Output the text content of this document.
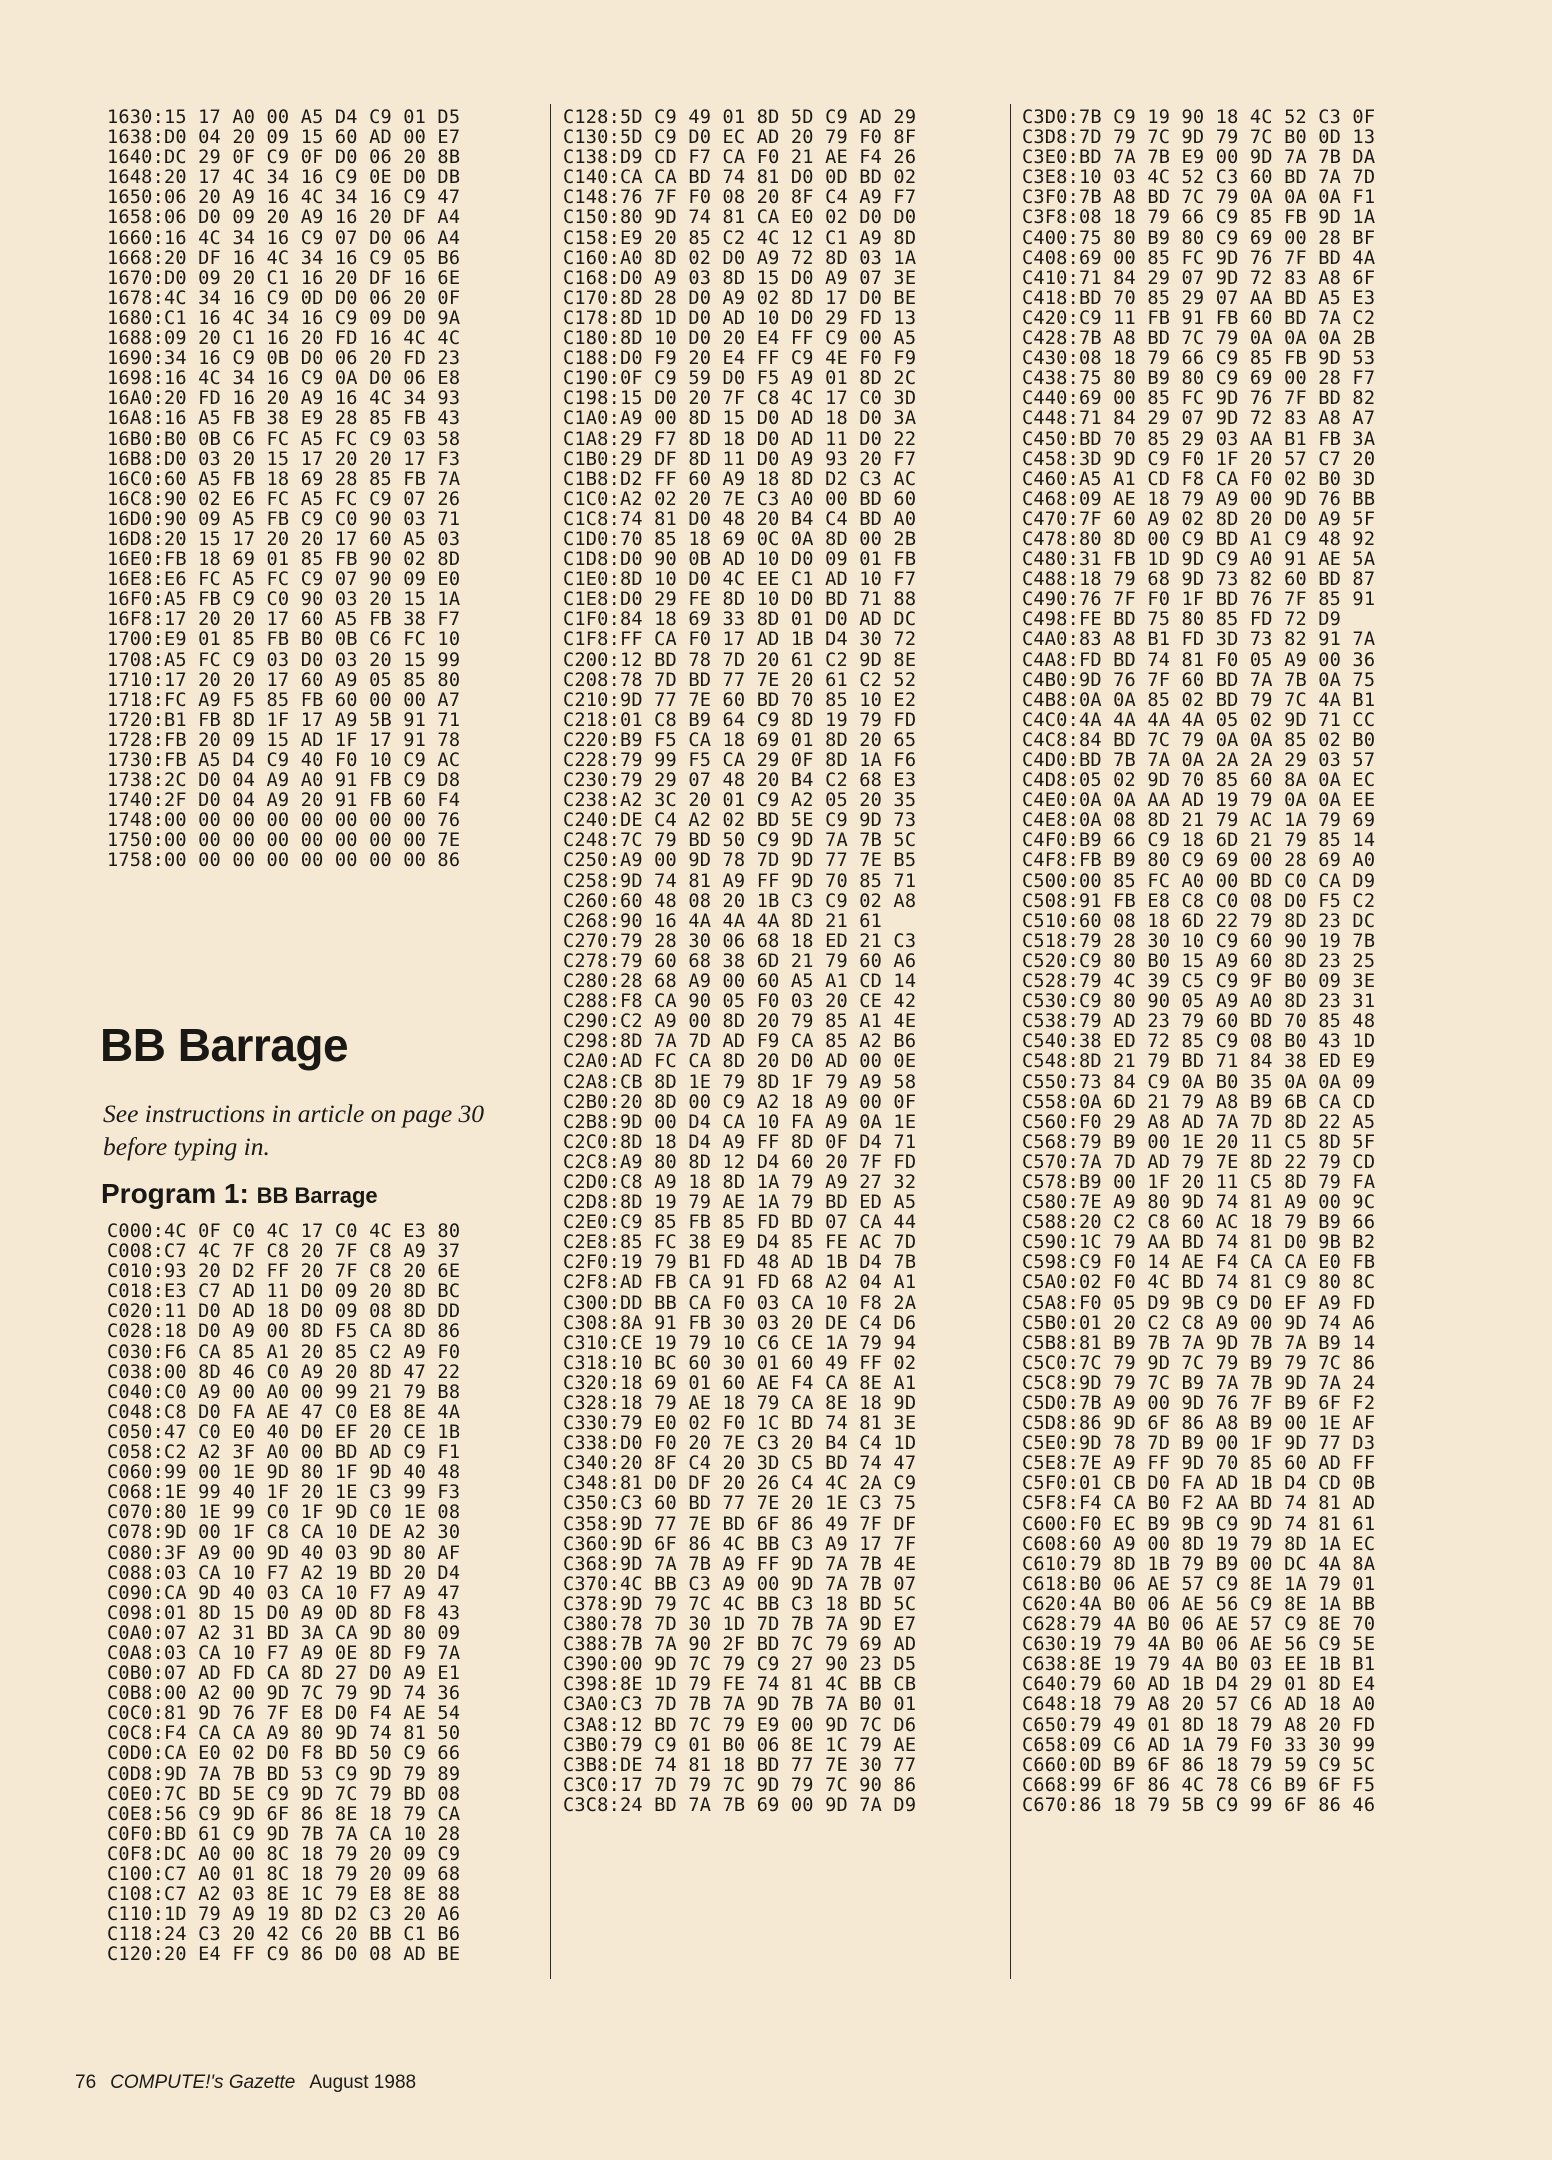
1630:15 17 A0 00 A5 D4 C9 01 D5
1638:D0 04 20 09 15 60 AD 00 E7
1640:DC 29 0F C9 0F D0 06 20 8B
1648:20 17 4C 34 16 C9 0E D0 DB
1650:06 20 A9 16 4C 34 16 C9 47
1658:06 D0 09 20 A9 16 20 DF A4
1660:16 4C 34 16 C9 07 D0 06 A4
1668:20 DF 16 4C 34 16 C9 05 B6
1670:D0 09 20 C1 16 20 DF 16 6E
1678:4C 34 16 C9 0D D0 06 20 0F
1680:C1 16 4C 34 16 C9 09 D0 9A
1688:09 20 C1 16 20 FD 16 4C 4C
1690:34 16 C9 0B D0 06 20 FD 23
1698:16 4C 34 16 C9 0A D0 06 E8
16A0:20 FD 16 20 A9 16 4C 34 93
16A8:16 A5 FB 38 E9 28 85 FB 43
16B0:B0 0B C6 FC A5 FC C9 03 58
16B8:D0 03 20 15 17 20 20 17 F3
16C0:60 A5 FB 18 69 28 85 FB 7A
16C8:90 02 E6 FC A5 FC C9 07 26
16D0:90 09 A5 FB C9 C0 90 03 71
16D8:20 15 17 20 20 17 60 A5 03
16E0:FB 18 69 01 85 FB 90 02 8D
16E8:E6 FC A5 FC C9 07 90 09 E0
16F0:A5 FB C9 C0 90 03 20 15 1A
16F8:17 20 20 17 60 A5 FB 38 F7
1700:E9 01 85 FB B0 0B C6 FC 10
1708:A5 FC C9 03 D0 03 20 15 99
1710:17 20 20 17 60 A9 05 85 80
1718:FC A9 F5 85 FB 60 00 00 A7
1720:B1 FB 8D 1F 17 A9 5B 91 71
1728:FB 20 09 15 AD 1F 17 91 78
1730:FB A5 D4 C9 40 F0 10 C9 AC
1738:2C D0 04 A9 A0 91 FB C9 D8
1740:2F D0 04 A9 20 91 FB 60 F4
1748:00 00 00 00 00 00 00 00 76
1750:00 00 00 00 00 00 00 00 7E
1758:00 00 00 00 00 00 00 00 86
BB Barrage
See instructions in article on page 30 before typing in.
Program 1: BB Barrage
C000:4C 0F C0 4C 17 C0 4C E3 80
C008:C7 4C 7F C8 20 7F C8 A9 37
C010:93 20 D2 FF 20 7F C8 20 6E
C018:E3 C7 AD 11 D0 09 20 8D BC
C020:11 D0 AD 18 D0 09 08 8D DD
C028:18 D0 A9 00 8D F5 CA 8D 86
C030:F6 CA 85 A1 20 85 C2 A9 F0
C038:00 8D 46 C0 A9 20 8D 47 22
C040:C0 A9 00 A0 00 99 21 79 B8
C048:C8 D0 FA AE 47 C0 E8 8E 4A
C050:47 C0 E0 40 D0 EF 20 CE 1B
C058:C2 A2 3F A0 00 BD AD C9 F1
C060:99 00 1E 9D 80 1F 9D 40 48
C068:1E 99 40 1F 20 1E C3 99 F3
C070:80 1E 99 C0 1F 9D C0 1E 08
C078:9D 00 1F C8 CA 10 DE A2 30
C080:3F A9 00 9D 40 03 9D 80 AF
C088:03 CA 10 F7 A2 19 BD 20 D4
C090:CA 9D 40 03 CA 10 F7 A9 47
C098:01 8D 15 D0 A9 0D 8D F8 43
C0A0:07 A2 31 BD 3A CA 9D 80 09
C0A8:03 CA 10 F7 A9 0E 8D F9 7A
C0B0:07 AD FD CA 8D 27 D0 A9 E1
C0B8:00 A2 00 9D 7C 79 9D 74 36
C0C0:81 9D 76 7F E8 D0 F4 AE 54
C0C8:F4 CA CA A9 80 9D 74 81 50
C0D0:CA E0 02 D0 F8 BD 50 C9 66
C0D8:9D 7A 7B BD 53 C9 9D 79 89
C0E0:7C BD 5E C9 9D 7C 79 BD 08
C0E8:56 C9 9D 6F 86 8E 18 79 CA
C0F0:BD 61 C9 9D 7B 7A CA 10 28
C0F8:DC A0 00 8C 18 79 20 09 C9
C100:C7 A0 01 8C 18 79 20 09 68
C108:C7 A2 03 8E 1C 79 E8 8E 88
C110:1D 79 A9 19 8D D2 C3 20 A6
C118:24 C3 20 42 C6 20 BB C1 B6
C120:20 E4 FF C9 86 D0 08 AD BE
C128:5D C9 49 01 8D 5D C9 AD 29
C130:5D C9 D0 EC AD 20 79 F0 8F
C138:D9 CD F7 CA F0 21 AE F4 26
C140:CA CA BD 74 81 D0 0D BD 02
C148:76 7F F0 08 20 8F C4 A9 F7
C150:80 9D 74 81 CA E0 02 D0 D0
C158:E9 20 85 C2 4C 12 C1 A9 8D
C160:A0 8D 02 D0 A9 72 8D 03 1A
C168:D0 A9 03 8D 15 D0 A9 07 3E
C170:8D 28 D0 A9 02 8D 17 D0 BE
C178:8D 1D D0 AD 10 D0 29 FD 13
C180:8D 10 D0 20 E4 FF C9 00 A5
C188:D0 F9 20 E4 FF C9 4E F0 F9
C190:0F C9 59 D0 F5 A9 01 8D 2C
C198:15 D0 20 7F C8 4C 17 C0 3D
C1A0:A9 00 8D 15 D0 AD 18 D0 3A
C1A8:29 F7 8D 18 D0 AD 11 D0 22
C1B0:29 DF 8D 11 D0 A9 93 20 F7
C1B8:D2 FF 60 A9 18 8D D2 C3 AC
C1C0:A2 02 20 7E C3 A0 00 BD 60
C1C8:74 81 D0 48 20 B4 C4 BD A0
C1D0:70 85 18 69 0C 0A 8D 00 2B
C1D8:D0 90 0B AD 10 D0 09 01 FB
C1E0:8D 10 D0 4C EE C1 AD 10 F7
C1E8:D0 29 FE 8D 10 D0 BD 71 88
C1F0:84 18 69 33 8D 01 D0 AD DC
C1F8:FF CA F0 17 AD 1B D4 30 72
C200:12 BD 78 7D 20 61 C2 9D 8E
C208:78 7D BD 77 7E 20 61 C2 52
C210:9D 77 7E 60 BD 70 85 10 E2
C218:01 C8 B9 64 C9 8D 19 79 FD
C220:B9 F5 CA 18 69 01 8D 20 65
C228:79 99 F5 CA 29 0F 8D 1A F6
C230:79 29 07 48 20 B4 C2 68 E3
C238:A2 3C 20 01 C9 A2 05 20 35
C240:DE C4 A2 02 BD 5E C9 9D 73
C248:7C 79 BD 50 C9 9D 7A 7B 5C
C250:A9 00 9D 78 7D 9D 77 7E B5
C258:9D 74 81 A9 FF 9D 70 85 71
C260:60 48 08 20 1B C3 C9 02 A8
C268:90 16 4A 4A 4A 8D 21 61
C270:79 28 30 06 68 18 ED 21 C3
C278:79 60 68 38 6D 21 79 60 A6
C280:28 68 A9 00 60 A5 A1 CD 14
C288:F8 CA 90 05 F0 03 20 CE 42
C290:C2 A9 00 8D 20 79 85 A1 4E
C298:8D 7A 7D AD F9 CA 85 A2 B6
C2A0:AD FC CA 8D 20 D0 AD 00 0E
C2A8:CB 8D 1E 79 8D 1F 79 A9 58
C2B0:20 8D 00 C9 A2 18 A9 00 0F
C2B8:9D 00 D4 CA 10 FA A9 0A 1E
C2C0:8D 18 D4 A9 FF 8D 0F D4 71
C2C8:A9 80 8D 12 D4 60 20 7F FD
C2D0:C8 A9 18 8D 1A 79 A9 27 32
C2D8:8D 19 79 AE 1A 79 BD ED A5
C2E0:C9 85 FB 85 FD BD 07 CA 44
C2E8:85 FC 38 E9 D4 85 FE AC 7D
C2F0:19 79 B1 FD 48 AD 1B D4 7B
C2F8:AD FB CA 91 FD 68 A2 04 A1
C300:DD BB CA F0 03 CA 10 F8 2A
C308:8A 91 FB 30 03 20 DE C4 D6
C310:CE 19 79 10 C6 CE 1A 79 94
C318:10 BC 60 30 01 60 49 FF 02
C320:18 69 01 60 AE F4 CA 8E A1
C328:18 79 AE 18 79 CA 8E 18 9D
C330:79 E0 02 F0 1C BD 74 81 3E
C338:D0 F0 20 7E C3 20 B4 C4 1D
C340:20 8F C4 20 3D C5 BD 74 47
C348:81 D0 DF 20 26 C4 4C 2A C9
C350:C3 60 BD 77 7E 20 1E C3 75
C358:9D 77 7E BD 6F 86 49 7F DF
C360:9D 6F 86 4C BB C3 A9 17 7F
C368:9D 7A 7B A9 FF 9D 7A 7B 4E
C370:4C BB C3 A9 00 9D 7A 7B 07
C378:9D 79 7C 4C BB C3 18 BD 5C
C380:78 7D 30 1D 7D 7B 7A 9D E7
C388:7B 7A 90 2F BD 7C 79 69 AD
C390:00 9D 7C 79 C9 27 90 23 D5
C398:8E 1D 79 FE 74 81 4C BB CB
C3A0:C3 7D 7B 7A 9D 7B 7A B0 01
C3A8:12 BD 7C 79 E9 00 9D 7C D6
C3B0:79 C9 01 B0 06 8E 1C 79 AE
C3B8:DE 74 81 18 BD 77 7E 30 77
C3C0:17 7D 79 7C 9D 79 7C 90 86
C3C8:24 BD 7A 7B 69 00 9D 7A D9
C3D0:7B C9 19 90 18 4C 52 C3 0F
C3D8:7D 79 7C 9D 79 7C B0 0D 13
C3E0:BD 7A 7B E9 00 9D 7A 7B DA
C3E8:10 03 4C 52 C3 60 BD 7A 7D
C3F0:7B A8 BD 7C 79 0A 0A 0A F1
C3F8:08 18 79 66 C9 85 FB 9D 1A
C400:75 80 B9 80 C9 69 00 28 BF
C408:69 00 85 FC 9D 76 7F BD 4A
C410:71 84 29 07 9D 72 83 A8 6F
C418:BD 70 85 29 07 AA BD A5 E3
C420:C9 11 FB 91 FB 60 BD 7A C2
C428:7B A8 BD 7C 79 0A 0A 0A 2B
C430:08 18 79 66 C9 85 FB 9D 53
C438:75 80 B9 80 C9 69 00 28 F7
C440:69 00 85 FC 9D 76 7F BD 82
C448:71 84 29 07 9D 72 83 A8 A7
C450:BD 70 85 29 03 AA B1 FB 3A
C458:3D 9D C9 F0 1F 20 57 C7 20
C460:A5 A1 CD F8 CA F0 02 B0 3D
C468:09 AE 18 79 A9 00 9D 76 BB
C470:7F 60 A9 02 8D 20 D0 A9 5F
C478:80 8D 00 C9 BD A1 C9 48 92
C480:31 FB 1D 9D C9 A0 91 AE 5A
C488:18 79 68 9D 73 82 60 BD 87
C490:76 7F F0 1F BD 76 7F 85 91
C498:FE BD 75 80 85 FD 72 D9
C4A0:83 A8 B1 FD 3D 73 82 91 7A
C4A8:FD BD 74 81 F0 05 A9 00 36
C4B0:9D 76 7F 60 BD 7A 7B 0A 75
C4B8:0A 0A 85 02 BD 79 7C 4A B1
C4C0:4A 4A 4A 4A 05 02 9D 71 CC
C4C8:84 BD 7C 79 0A 0A 85 02 B0
C4D0:BD 7B 7A 0A 2A 2A 29 03 57
C4D8:05 02 9D 70 85 60 8A 0A EC
C4E0:0A 0A AA AD 19 79 0A 0A EE
C4E8:0A 08 8D 21 79 AC 1A 79 69
C4F0:B9 66 C9 18 6D 21 79 85 14
C4F8:FB B9 80 C9 69 00 28 69 A0
C500:00 85 FC A0 00 BD C0 CA D9
C508:91 FB E8 C8 C0 08 D0 F5 C2
C510:60 08 18 6D 22 79 8D 23 DC
C518:79 28 30 10 C9 60 90 19 7B
C520:C9 80 B0 15 A9 60 8D 23 25
C528:79 4C 39 C5 C9 9F B0 09 3E
C530:C9 80 90 05 A9 A0 8D 23 31
C538:79 AD 23 79 60 BD 70 85 48
C540:38 ED 72 85 C9 08 B0 43 1D
C548:8D 21 79 BD 71 84 38 ED E9
C550:73 84 C9 0A B0 35 0A 0A 09
C558:0A 6D 21 79 A8 B9 6B CA CD
C560:F0 29 A8 AD 7A 7D 8D 22 A5
C568:79 B9 00 1E 20 11 C5 8D 5F
C570:7A 7D AD 79 7E 8D 22 79 CD
C578:B9 00 1F 20 11 C5 8D 79 FA
C580:7E A9 80 9D 74 81 A9 00 9C
C588:20 C2 C8 60 AC 18 79 B9 66
C590:1C 79 AA BD 74 81 D0 9B B2
C598:C9 F0 14 AE F4 CA CA E0 FB
C5A0:02 F0 4C BD 74 81 C9 80 8C
C5A8:F0 05 D9 9B C9 D0 EF A9 FD
C5B0:01 20 C2 C8 A9 00 9D 74 A6
C5B8:81 B9 7B 7A 9D 7B 7A B9 14
C5C0:7C 79 9D 7C 79 B9 79 7C 86
C5C8:9D 79 7C B9 7A 7B 9D 7A 24
C5D0:7B A9 00 9D 76 7F B9 6F F2
C5D8:86 9D 6F 86 A8 B9 00 1E AF
C5E0:9D 78 7D B9 00 1F 9D 77 D3
C5E8:7E A9 FF 9D 70 85 60 AD FF
C5F0:01 CB D0 FA AD 1B D4 CD 0B
C5F8:F4 CA B0 F2 AA BD 74 81 AD
C600:F0 EC B9 9B C9 9D 74 81 61
C608:60 A9 00 8D 19 79 8D 1A EC
C610:79 8D 1B 79 B9 00 DC 4A 8A
C618:B0 06 AE 57 C9 8E 1A 79 01
C620:4A B0 06 AE 56 C9 8E 1A BB
C628:79 4A B0 06 AE 57 C9 8E 70
C630:19 79 4A B0 06 AE 56 C9 5E
C638:8E 19 79 4A B0 03 EE 1B B1
C640:79 60 AD 1B D4 29 01 8D E4
C648:18 79 A8 20 57 C6 AD 18 A0
C650:79 49 01 8D 18 79 A8 20 FD
C658:09 C6 AD 1A 79 F0 33 30 99
C660:0D B9 6F 86 18 79 59 C9 5C
C668:99 6F 86 4C 78 C6 B9 6F F5
C670:86 18 79 5B C9 99 6F 86 46
76 COMPUTE!'s Gazette August 1988
